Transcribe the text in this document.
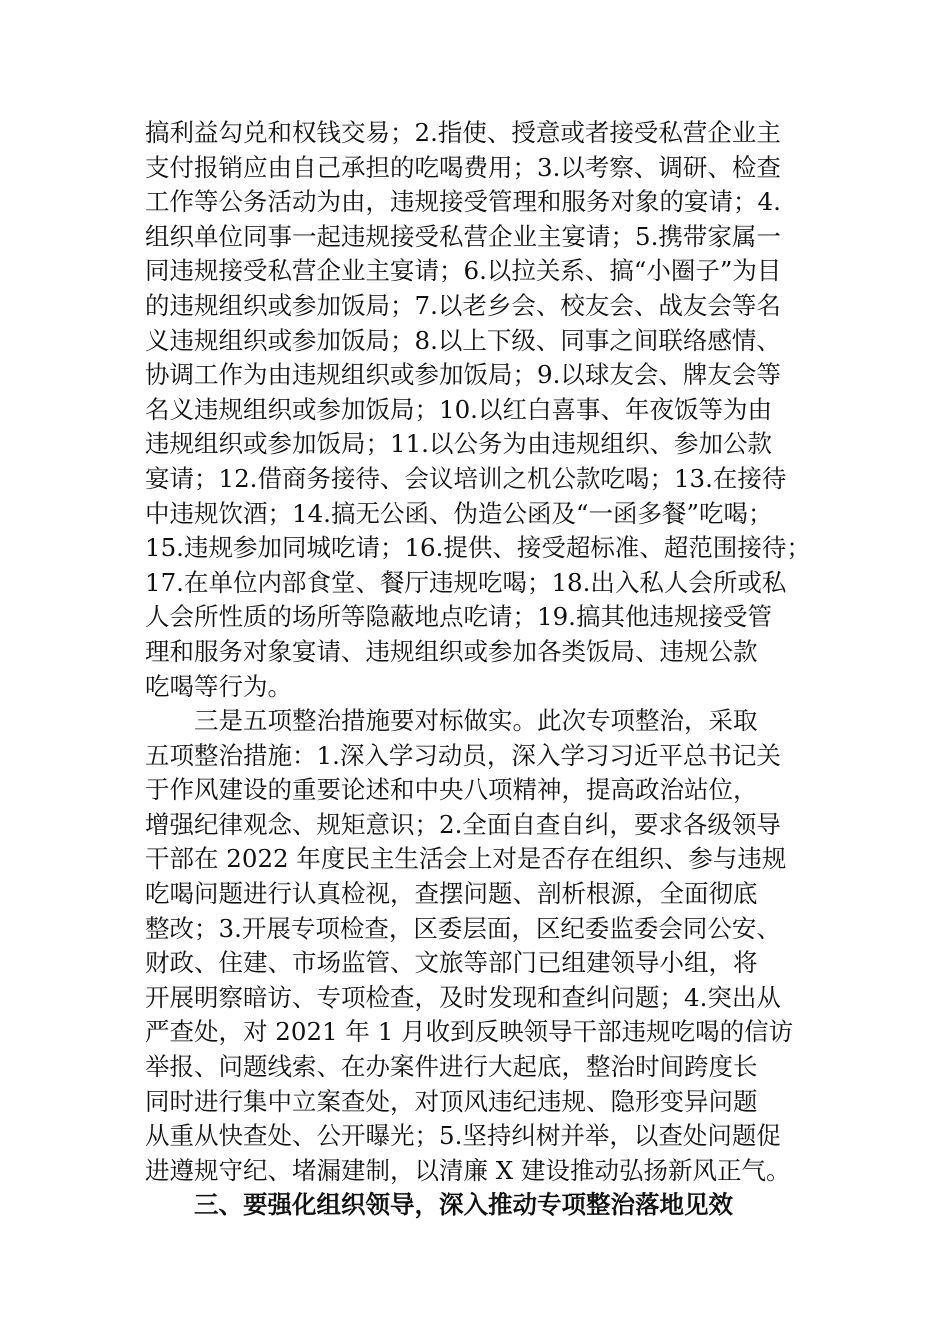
搞利益勾兑和权钱交易；2.指使、授意或者接受私营企业主
支付报销应由自己承担的吃喝费用；3.以考察、调研、检查
工作等公务活动为由，违规接受管理和服务对象的宴请；4.
组织单位同事一起违规接受私营企业主宴请；5.携带家属一
同违规接受私营企业主宴请；6.以拉关系、搞“小圈子”为目
的违规组织或参加饭局；7.以老乡会、校友会、战友会等名
义违规组织或参加饭局；8.以上下级、同事之间联络感情、
协调工作为由违规组织或参加饭局；9.以球友会、牌友会等
名义违规组织或参加饭局；10.以红白喜事、年夜饭等为由
违规组织或参加饭局；11.以公务为由违规组织、参加公款
宴请；12.借商务接待、会议培训之机公款吃喝；13.在接待
中违规饮酒；14.搞无公函、伪造公函及“一函多餐”吃喝；
15.违规参加同城吃请；16.提供、接受超标准、超范围接待；
17.在单位内部食堂、餐厅违规吃喝；18.出入私人会所或私
人会所性质的场所等隐蔽地点吃请；19.搞其他违规接受管
理和服务对象宴请、违规组织或参加各类饭局、违规公款
吃喝等行为。
三是五项整治措施要对标做实。此次专项整治，采取
五项整治措施：1.深入学习动员，深入学习习近平总书记关
于作风建设的重要论述和中央八项精神，提高政治站位，
增强纪律观念、规矩意识；2.全面自查自纠，要求各级领导
干部在 2022 年度民主生活会上对是否存在组织、参与违规
吃喝问题进行认真检视，查摆问题、剖析根源，全面彻底
整改；3.开展专项检查，区委层面，区纪委监委会同公安、
财政、住建、市场监管、文旅等部门已组建领导小组，将
开展明察暗访、专项检查，及时发现和查纠问题；4.突出从
严查处，对 2021 年 1 月收到反映领导干部违规吃喝的信访
举报、问题线索、在办案件进行大起底，整治时间跨度长
同时进行集中立案查处，对顶风违纪违规、隐形变异问题
从重从快查处、公开曝光；5.坚持纠树并举，以查处问题促
进遵规守纪、堵漏建制，以清廉 X 建设推动弘扬新风正气。
三、要强化组织领导，深入推动专项整治落地见效
